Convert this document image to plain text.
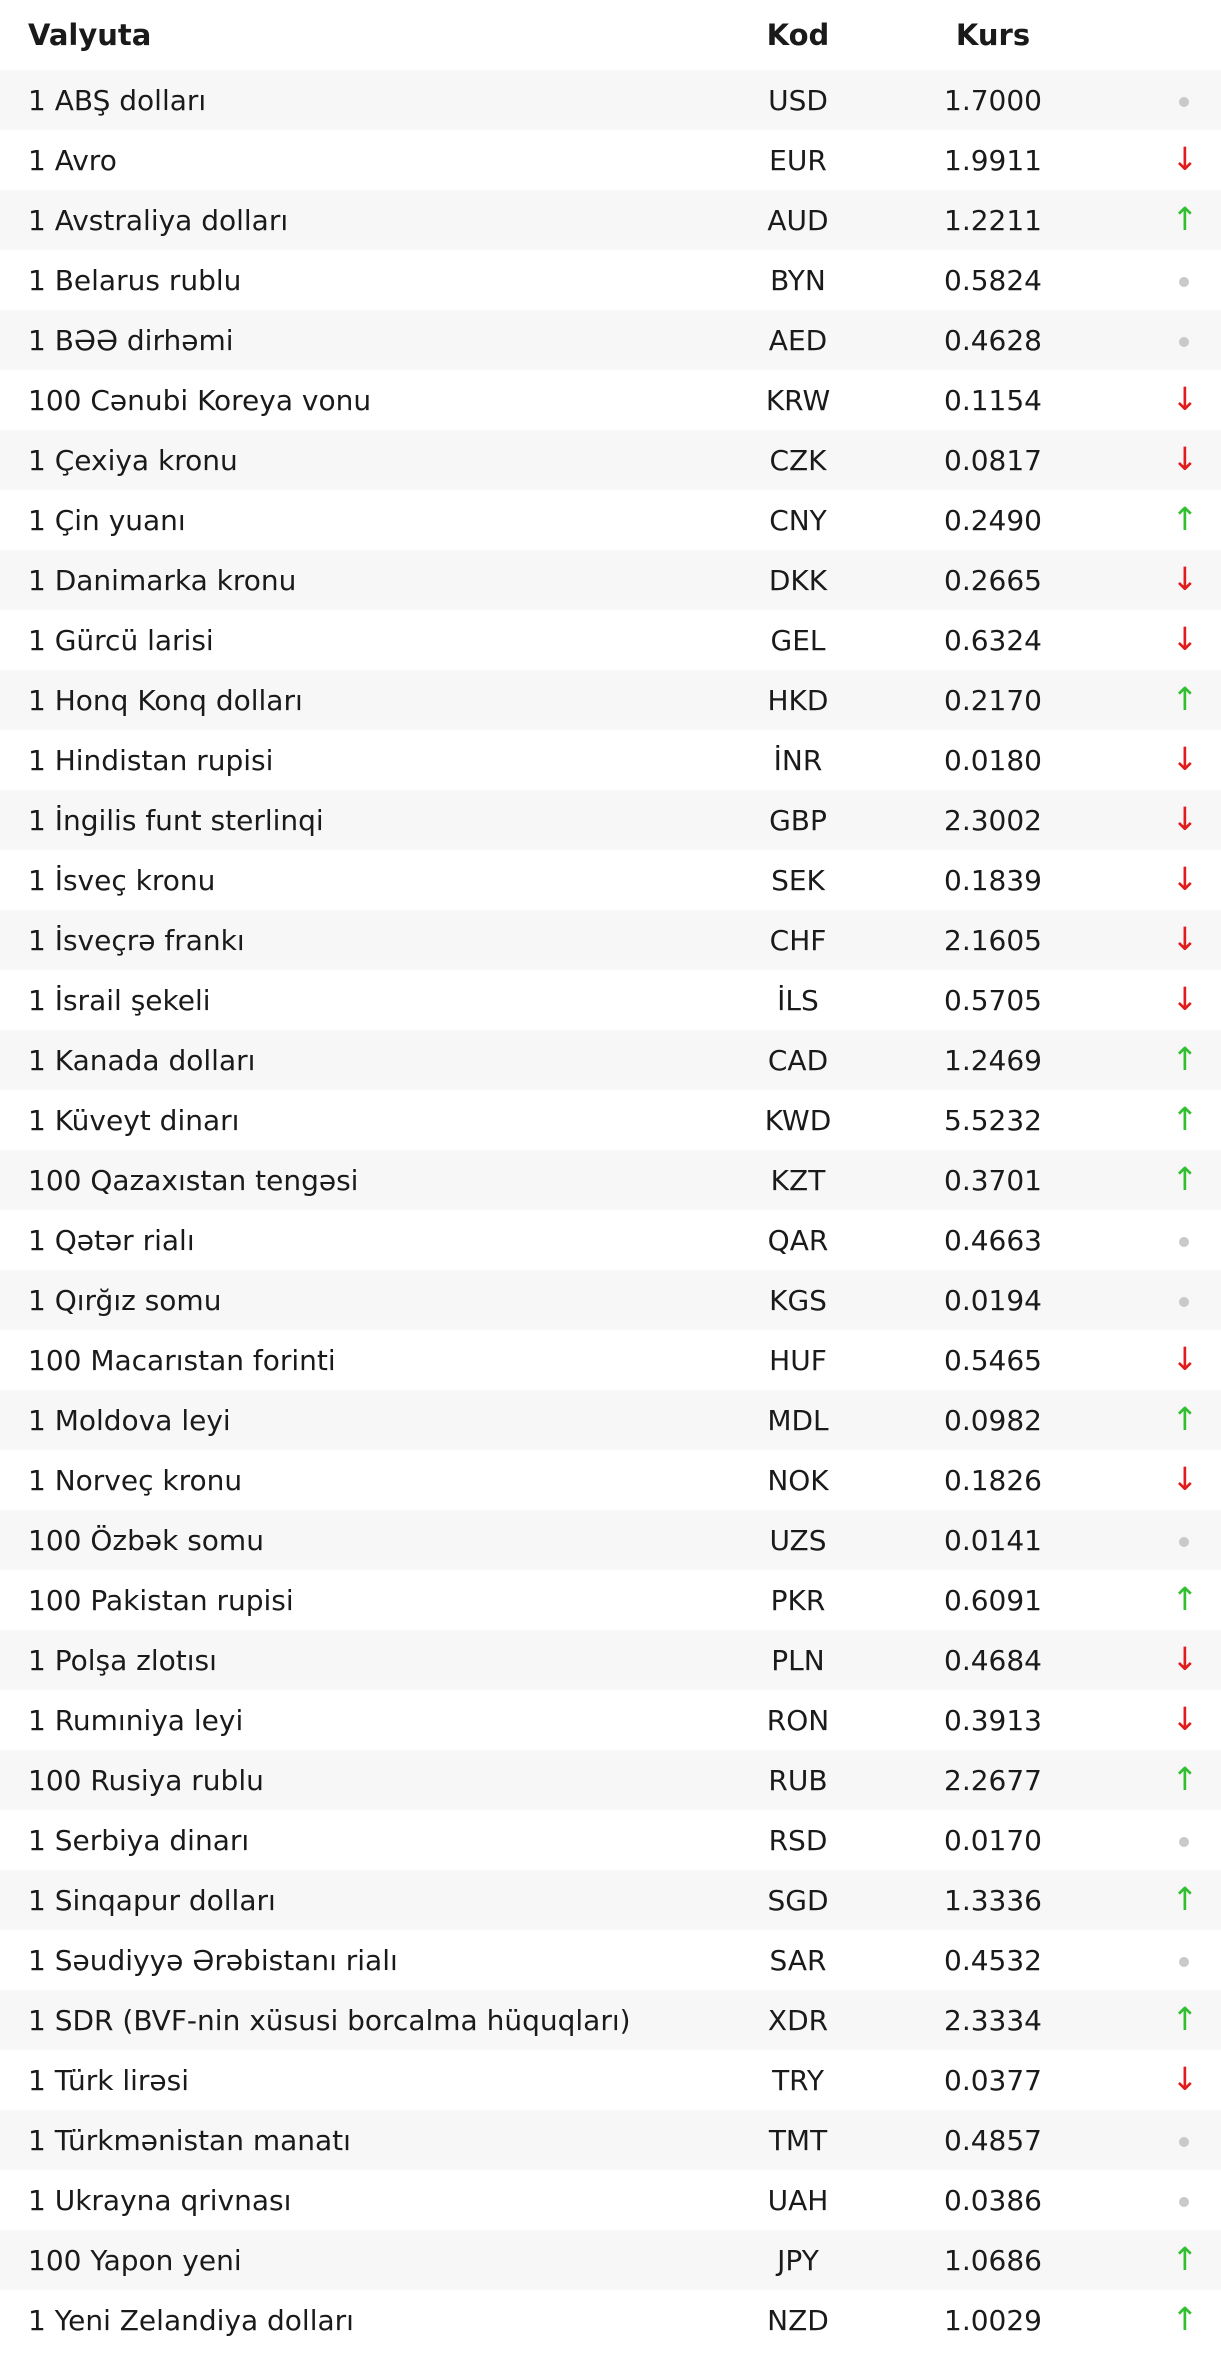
Valyuta	Kod	Kurs	
1 ABŞ dolları	USD	1.7000	
1 Avro	EUR	1.9911	↓
1 Avstraliya dolları	AUD	1.2211	↑
1 Belarus rublu	BYN	0.5824	
1 BƏƏ dirhəmi	AED	0.4628	
100 Cənubi Koreya vonu	KRW	0.1154	↓
1 Çexiya kronu	CZK	0.0817	↓
1 Çin yuanı	CNY	0.2490	↑
1 Danimarka kronu	DKK	0.2665	↓
1 Gürcü larisi	GEL	0.6324	↓
1 Honq Konq dolları	HKD	0.2170	↑
1 Hindistan rupisi	İNR	0.0180	↓
1 İngilis funt sterlinqi	GBP	2.3002	↓
1 İsveç kronu	SEK	0.1839	↓
1 İsveçrə frankı	CHF	2.1605	↓
1 İsrail şekeli	İLS	0.5705	↓
1 Kanada dolları	CAD	1.2469	↑
1 Küveyt dinarı	KWD	5.5232	↑
100 Qazaxıstan tengəsi	KZT	0.3701	↑
1 Qətər rialı	QAR	0.4663	
1 Qırğız somu	KGS	0.0194	
100 Macarıstan forinti	HUF	0.5465	↓
1 Moldova leyi	MDL	0.0982	↑
1 Norveç kronu	NOK	0.1826	↓
100 Özbək somu	UZS	0.0141	
100 Pakistan rupisi	PKR	0.6091	↑
1 Polşa zlotısı	PLN	0.4684	↓
1 Rumıniya leyi	RON	0.3913	↓
100 Rusiya rublu	RUB	2.2677	↑
1 Serbiya dinarı	RSD	0.0170	
1 Sinqapur dolları	SGD	1.3336	↑
1 Səudiyyə Ərəbistanı rialı	SAR	0.4532	
1 SDR (BVF-nin xüsusi borcalma hüquqları)	XDR	2.3334	↑
1 Türk lirəsi	TRY	0.0377	↓
1 Türkmənistan manatı	TMT	0.4857	
1 Ukrayna qrivnası	UAH	0.0386	
100 Yapon yeni	JPY	1.0686	↑
1 Yeni Zelandiya dolları	NZD	1.0029	↑
